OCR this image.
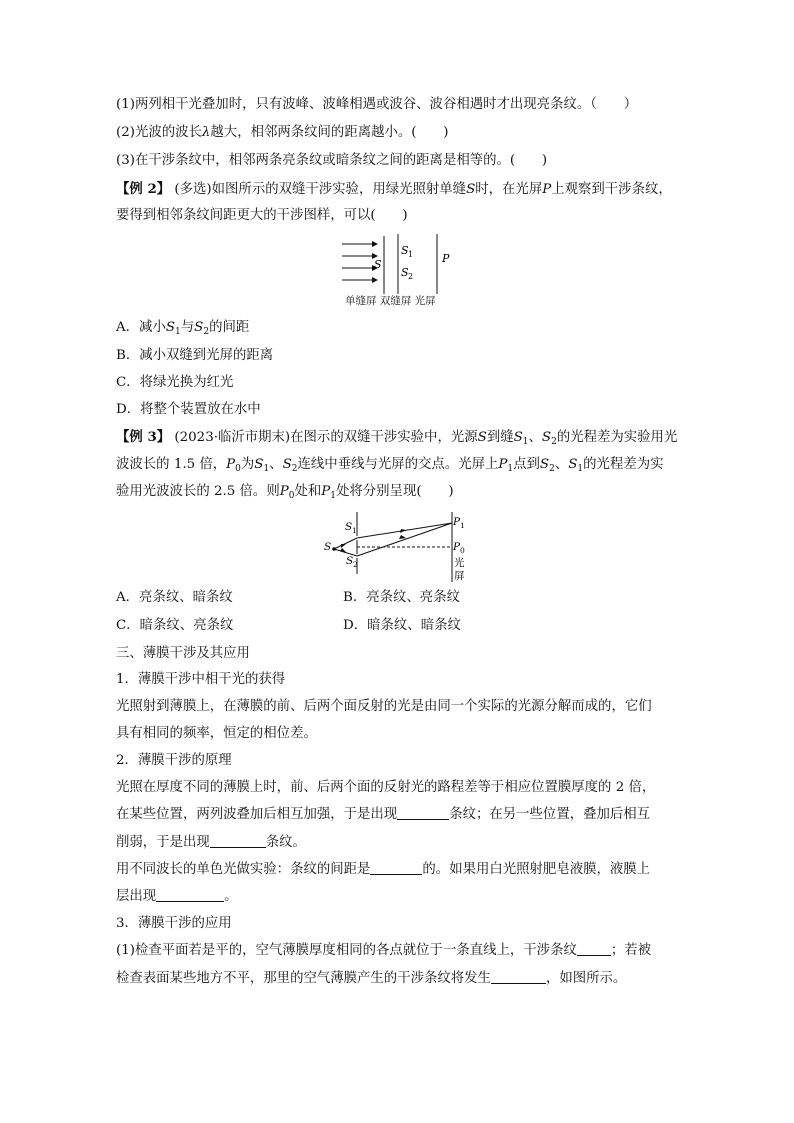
(1)两列相干光叠加时，只有波峰、波峰相遇或波谷、波谷相遇时才出现亮条纹。（　　）
(2)光波的波长λ越大，相邻两条纹间的距离越小。(　　)
(3)在干涉条纹中，相邻两条亮条纹或暗条纹之间的距离是相等的。(　　)
【例 2】 (多选)如图所示的双缝干涉实验，用绿光照射单缝S时，在光屏P上观察到干涉条纹，
要得到相邻条纹间距更大的干涉图样，可以(　　)
S
S 1
S 2
P
单缝屏 双缝屏 光屏
A．减小$S_1$与$S_2$的间距
B．减小双缝到光屏的距离
C．将绿光换为红光
D．将整个装置放在水中
【例 3】 (2023·临沂市期末)在图示的双缝干涉实验中，光源S到缝$S_1$、$S_2$的光程差为实验用光
波波长的 1.5 倍，$P_0$为$S_1$、$S_2$连线中垂线与光屏的交点。光屏上$P_1$点到$S_2$、$S_1$的光程差为实
验用光波波长的 2.5 倍。则$P_0$处和$P_1$处将分别呈现(　　)
S
S 1
S 2
P 1
P 0
光
屏
A．亮条纹、暗条纹	B．亮条纹、亮条纹
C．暗条纹、亮条纹	D．暗条纹、暗条纹
三、薄膜干涉及其应用
1．薄膜干涉中相干光的获得
光照射到薄膜上，在薄膜的前、后两个面反射的光是由同一个实际的光源分解而成的，它们
具有相同的频率，恒定的相位差。
2．薄膜干涉的原理
光照在厚度不同的薄膜上时，前、后两个面的反射光的路程差等于相应位置膜厚度的 2 倍，
在某些位置，两列波叠加后相互加强，于是出现	条纹；在另一些位置，叠加后相互
削弱，于是出现	条纹。
用不同波长的单色光做实验：条纹的间距是	的。如果用白光照射肥皂液膜，液膜上
层出现	。
3．薄膜干涉的应用
(1)检查平面若是平的，空气薄膜厚度相同的各点就位于一条直线上，干涉条纹	；若被
检查表面某些地方不平，那里的空气薄膜产生的干涉条纹将发生	，如图所示。
